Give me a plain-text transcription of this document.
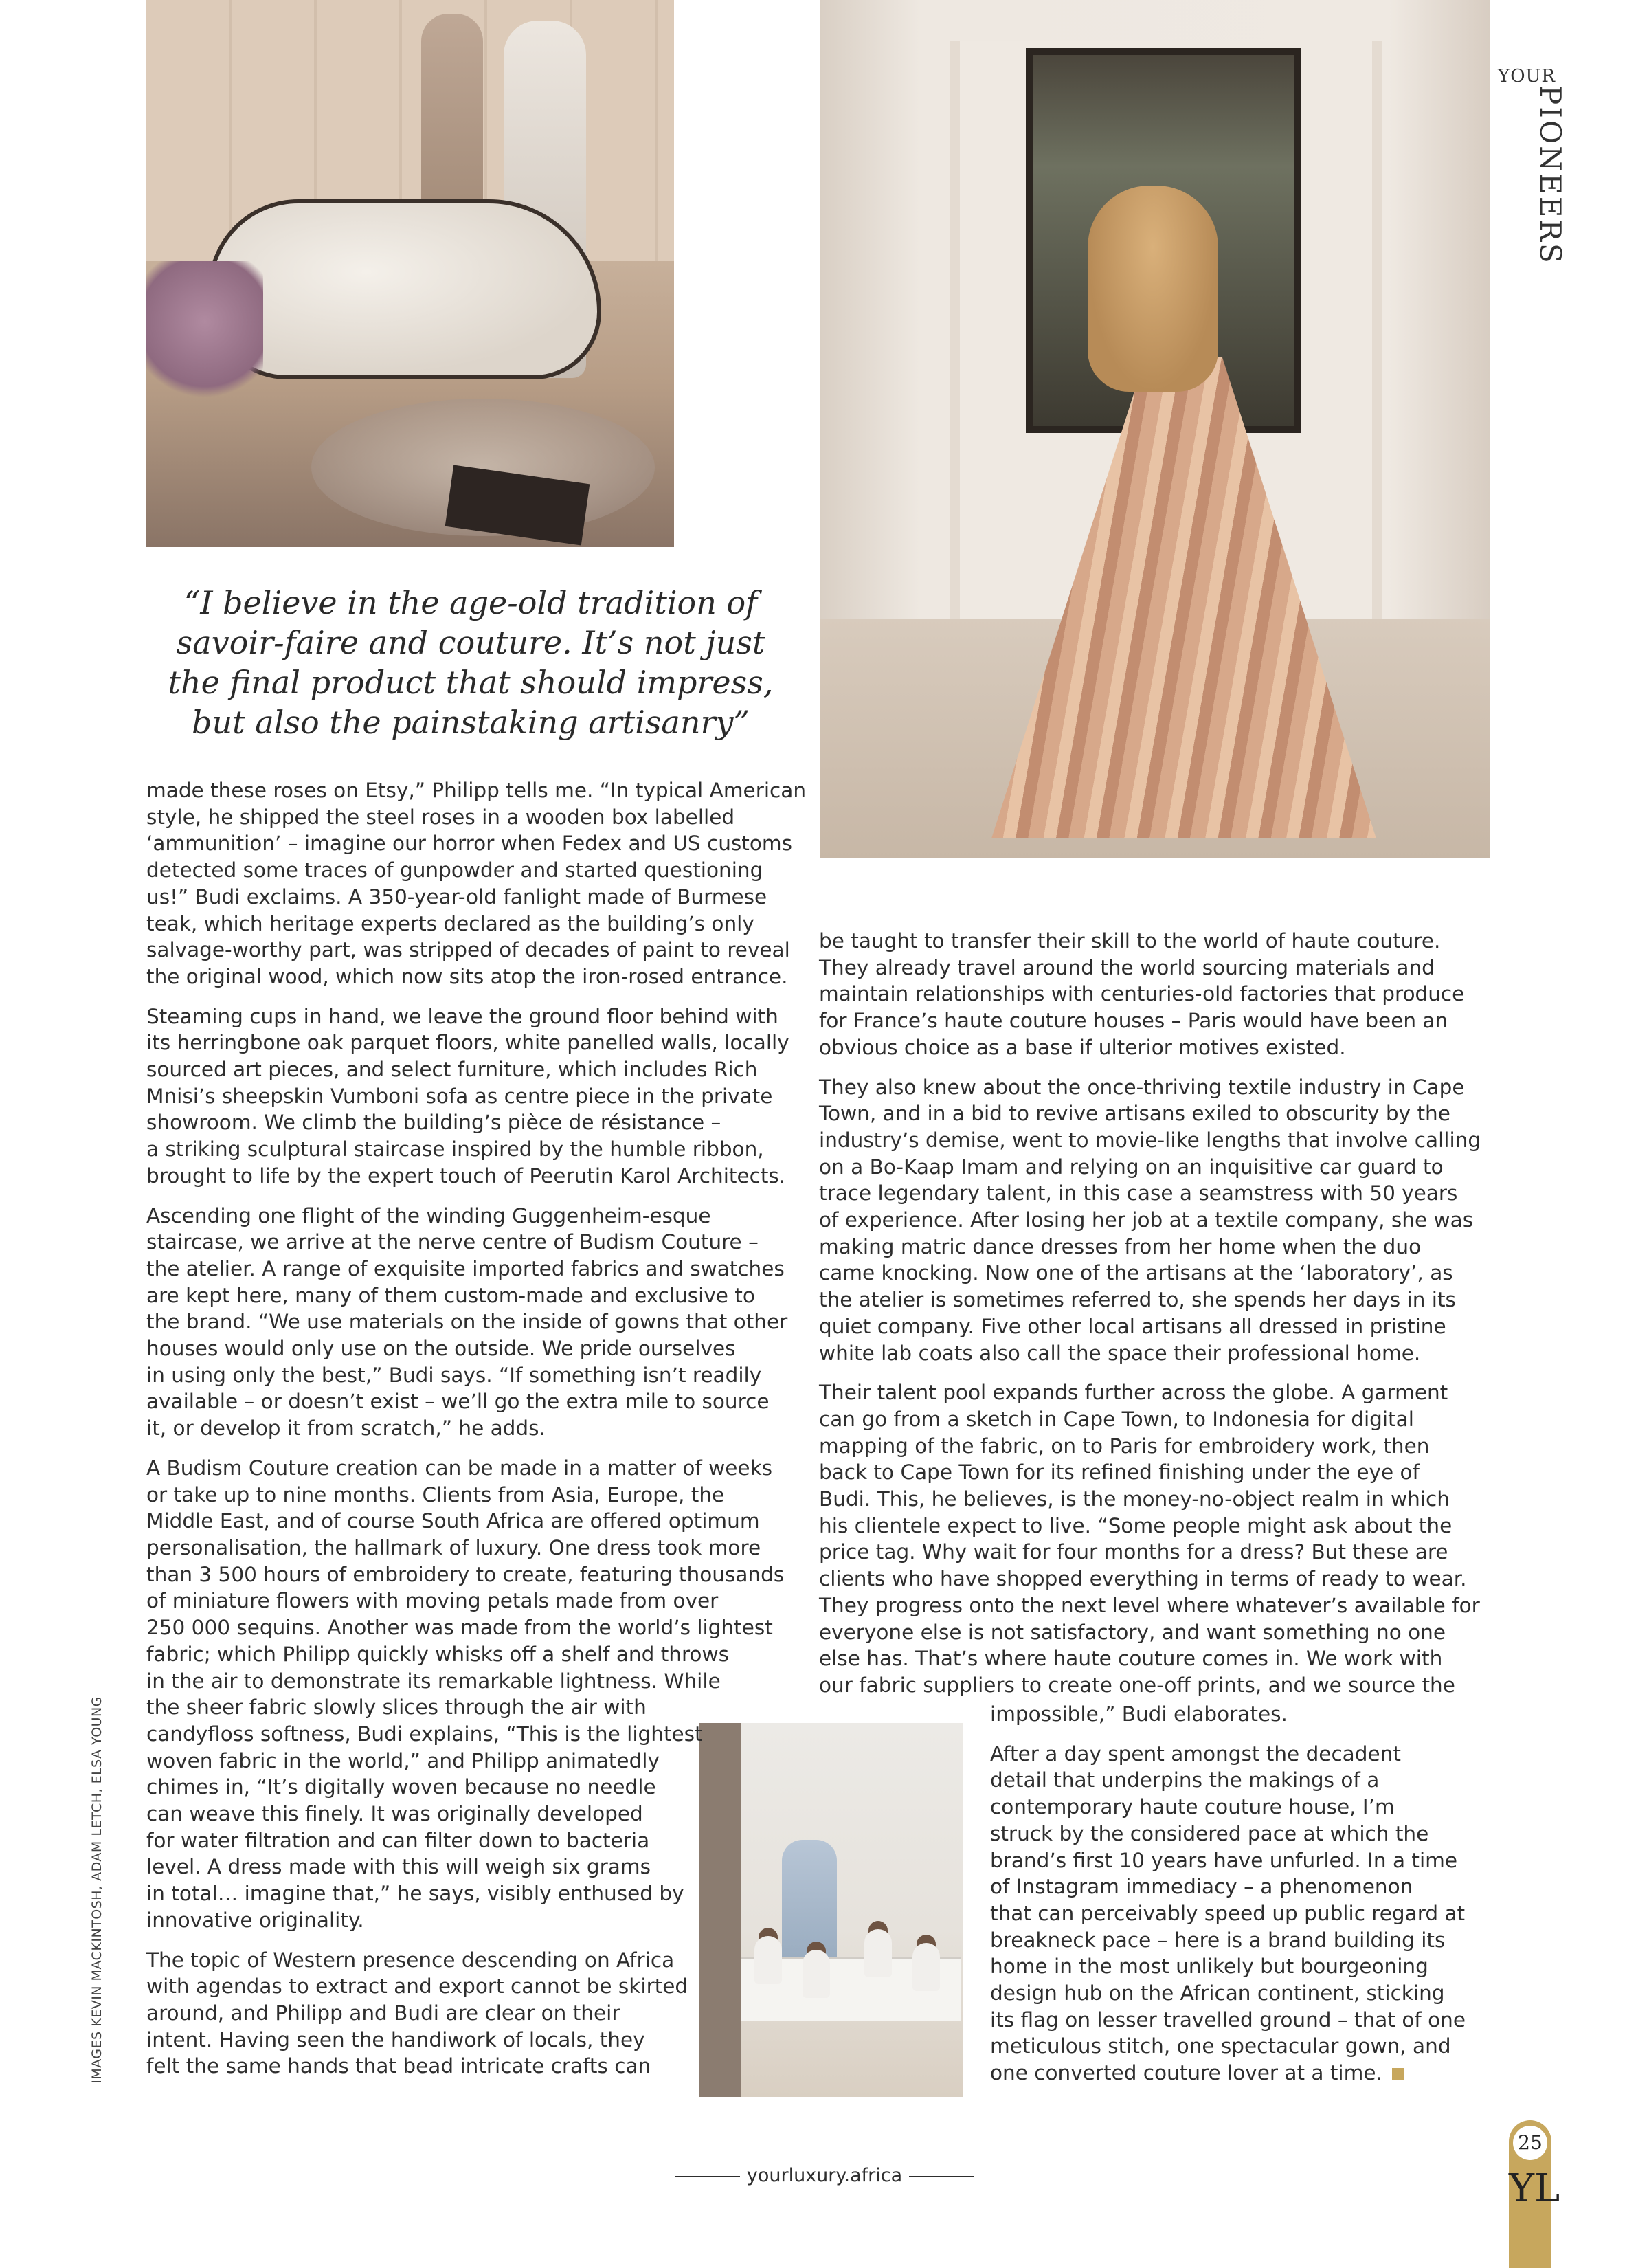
YOUR
PIONEERS
“I believe in the age-old tradition of savoir-faire and couture. It’s not just the final product that should impress, but also the painstaking artisanry”

made these roses on Etsy,” Philipp tells me. “In typical American
style, he shipped the steel roses in a wooden box labelled
‘ammunition’ – imagine our horror when Fedex and US customs
detected some traces of gunpowder and started questioning
us!” Budi exclaims. A 350-year-old fanlight made of Burmese
teak, which heritage experts declared as the building’s only
salvage-worthy part, was stripped of decades of paint to reveal
the original wood, which now sits atop the iron-rosed entrance.

Steaming cups in hand, we leave the ground floor behind with
its herringbone oak parquet floors, white panelled walls, locally
sourced art pieces, and select furniture, which includes Rich
Mnisi’s sheepskin Vumboni sofa as centre piece in the private
showroom. We climb the building’s pièce de résistance –
a striking sculptural staircase inspired by the humble ribbon,
brought to life by the expert touch of Peerutin Karol Architects.

Ascending one flight of the winding Guggenheim-esque
staircase, we arrive at the nerve centre of Budism Couture –
the atelier. A range of exquisite imported fabrics and swatches
are kept here, many of them custom-made and exclusive to
the brand. “We use materials on the inside of gowns that other
houses would only use on the outside. We pride ourselves
in using only the best,” Budi says. “If something isn’t readily
available – or doesn’t exist – we’ll go the extra mile to source
it, or develop it from scratch,” he adds.

A Budism Couture creation can be made in a matter of weeks
or take up to nine months. Clients from Asia, Europe, the
Middle East, and of course South Africa are offered optimum
personalisation, the hallmark of luxury. One dress took more
than 3 500 hours of embroidery to create, featuring thousands
of miniature flowers with moving petals made from over
250 000 sequins. Another was made from the world’s lightest
fabric; which Philipp quickly whisks off a shelf and throws
in the air to demonstrate its remarkable lightness. While
the sheer fabric slowly slices through the air with
candyfloss softness, Budi explains, “This is the lightest
woven fabric in the world,” and Philipp animatedly
chimes in, “It’s digitally woven because no needle
can weave this finely. It was originally developed
for water filtration and can filter down to bacteria
level. A dress made with this will weigh six grams
in total… imagine that,” he says, visibly enthused by
innovative originality.

The topic of Western presence descending on Africa
with agendas to extract and export cannot be skirted
around, and Philipp and Budi are clear on their
intent. Having seen the handiwork of locals, they
felt the same hands that bead intricate crafts can

be taught to transfer their skill to the world of haute couture.
They already travel around the world sourcing materials and
maintain relationships with centuries-old factories that produce
for France’s haute couture houses – Paris would have been an
obvious choice as a base if ulterior motives existed.

They also knew about the once-thriving textile industry in Cape
Town, and in a bid to revive artisans exiled to obscurity by the
industry’s demise, went to movie-like lengths that involve calling
on a Bo-Kaap Imam and relying on an inquisitive car guard to
trace legendary talent, in this case a seamstress with 50 years
of experience. After losing her job at a textile company, she was
making matric dance dresses from her home when the duo
came knocking. Now one of the artisans at the ‘laboratory’, as
the atelier is sometimes referred to, she spends her days in its
quiet company. Five other local artisans all dressed in pristine
white lab coats also call the space their professional home.

Their talent pool expands further across the globe. A garment
can go from a sketch in Cape Town, to Indonesia for digital
mapping of the fabric, on to Paris for embroidery work, then
back to Cape Town for its refined finishing under the eye of
Budi. This, he believes, is the money-no-object realm in which
his clientele expect to live. “Some people might ask about the
price tag. Why wait for four months for a dress? But these are
clients who have shopped everything in terms of ready to wear.
They progress onto the next level where whatever’s available for
everyone else is not satisfactory, and want something no one
else has. That’s where haute couture comes in. We work with
our fabric suppliers to create one-off prints, and we source the

impossible,” Budi elaborates.

After a day spent amongst the decadent
detail that underpins the makings of a
contemporary haute couture house, I’m
struck by the considered pace at which the
brand’s first 10 years have unfurled. In a time
of Instagram immediacy – a phenomenon
that can perceivably speed up public regard at
breakneck pace – here is a brand building its
home in the most unlikely but bourgeoning
design hub on the African continent, sticking
its flag on lesser travelled ground – that of one
meticulous stitch, one spectacular gown, and
one converted couture lover at a time.

IMAGES KEVIN MACKINTOSH, ADAM LETCH, ELSA YOUNG
yourluxury.africa
25
YL
